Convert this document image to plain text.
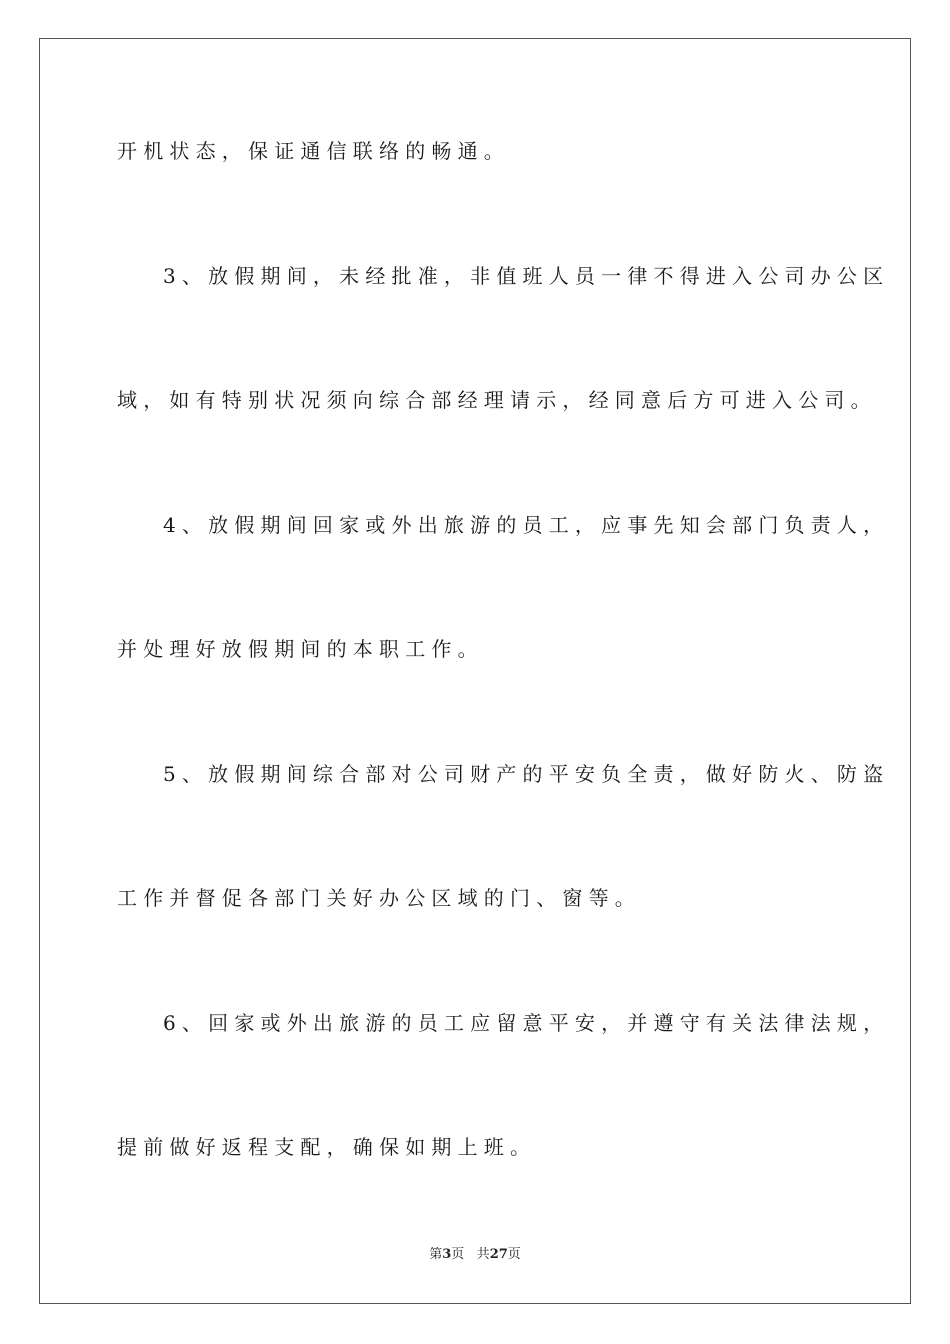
开机状态，保证通信联络的畅通。
3、放假期间，未经批准，非值班人员一律不得进入公司办公区
域，如有特别状况须向综合部经理请示，经同意后方可进入公司。
4、放假期间回家或外出旅游的员工，应事先知会部门负责人，
并处理好放假期间的本职工作。
5、放假期间综合部对公司财产的平安负全责，做好防火、防盗
工作并督促各部门关好办公区域的门、窗等。
6、回家或外出旅游的员工应留意平安，并遵守有关法律法规，
提前做好返程支配，确保如期上班。
第3页 共27页
